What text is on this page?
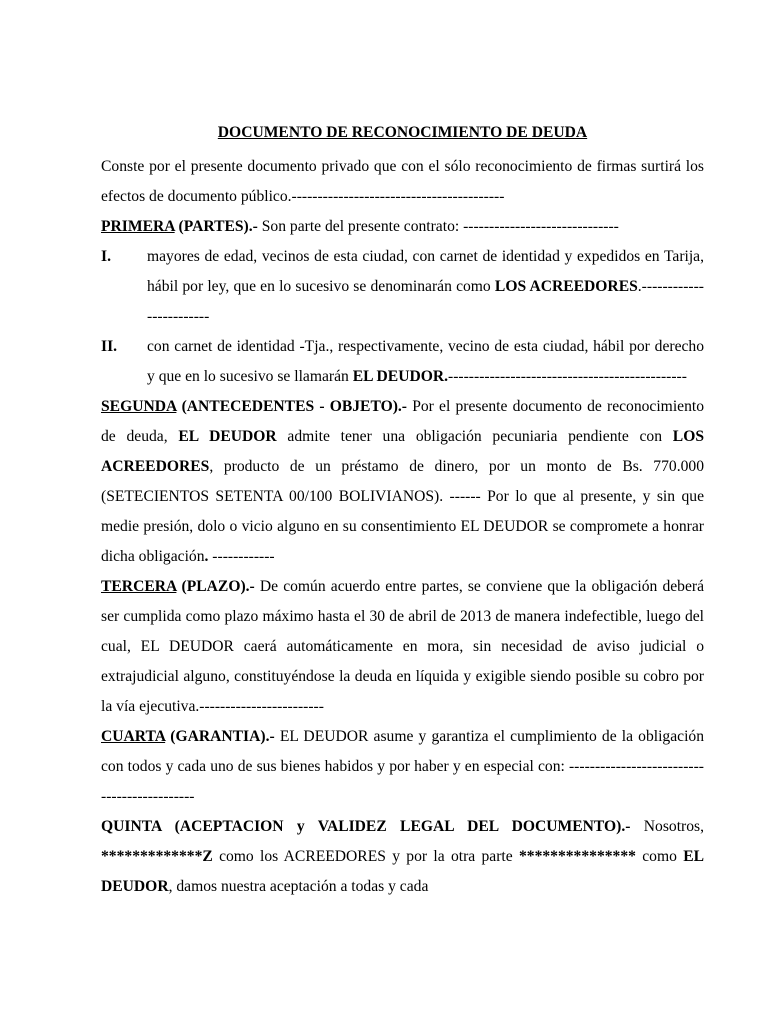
DOCUMENTO DE RECONOCIMIENTO DE DEUDA

Conste por el presente documento privado que con el sólo reconocimiento de firmas surtirá los efectos de documento público.-----------------------------------------

PRIMERA (PARTES).- Son parte del presente contrato: ------------------------------

I.	mayores de edad, vecinos de esta ciudad, con carnet de identidad y expedidos en Tarija, hábil por ley, que en lo sucesivo se denominarán como LOS ACREEDORES.------------------------

II.	con carnet de identidad -Tja., respectivamente, vecino de esta ciudad, hábil por derecho y que en lo sucesivo se llamarán EL DEUDOR.----------------------------------------------

SEGUNDA (ANTECEDENTES - OBJETO).- Por el presente documento de reconocimiento de deuda, EL DEUDOR admite tener una obligación pecuniaria pendiente con LOS ACREEDORES, producto de un préstamo de dinero, por un monto de Bs. 770.000 (SETECIENTOS SETENTA 00/100 BOLIVIANOS). ------ Por lo que al presente, y sin que medie presión, dolo o vicio alguno en su consentimiento EL DEUDOR se compromete a honrar dicha obligación. ------------

TERCERA (PLAZO).- De común acuerdo entre partes, se conviene que la obligación deberá ser cumplida como plazo máximo hasta el 30 de abril de 2013 de manera indefectible, luego del cual, EL DEUDOR caerá automáticamente en mora, sin necesidad de aviso judicial o extrajudicial alguno, constituyéndose la deuda en líquida y exigible siendo posible su cobro por la vía ejecutiva.------------------------

CUARTA (GARANTIA).- EL DEUDOR asume y garantiza el cumplimiento de la obligación con todos y cada uno de sus bienes habidos y por haber y en especial con: --------------------------------------------

QUINTA (ACEPTACION y VALIDEZ LEGAL DEL DOCUMENTO).- Nosotros, *************Z como los ACREEDORES y por la otra parte *************** como EL DEUDOR, damos nuestra aceptación a todas y cada
